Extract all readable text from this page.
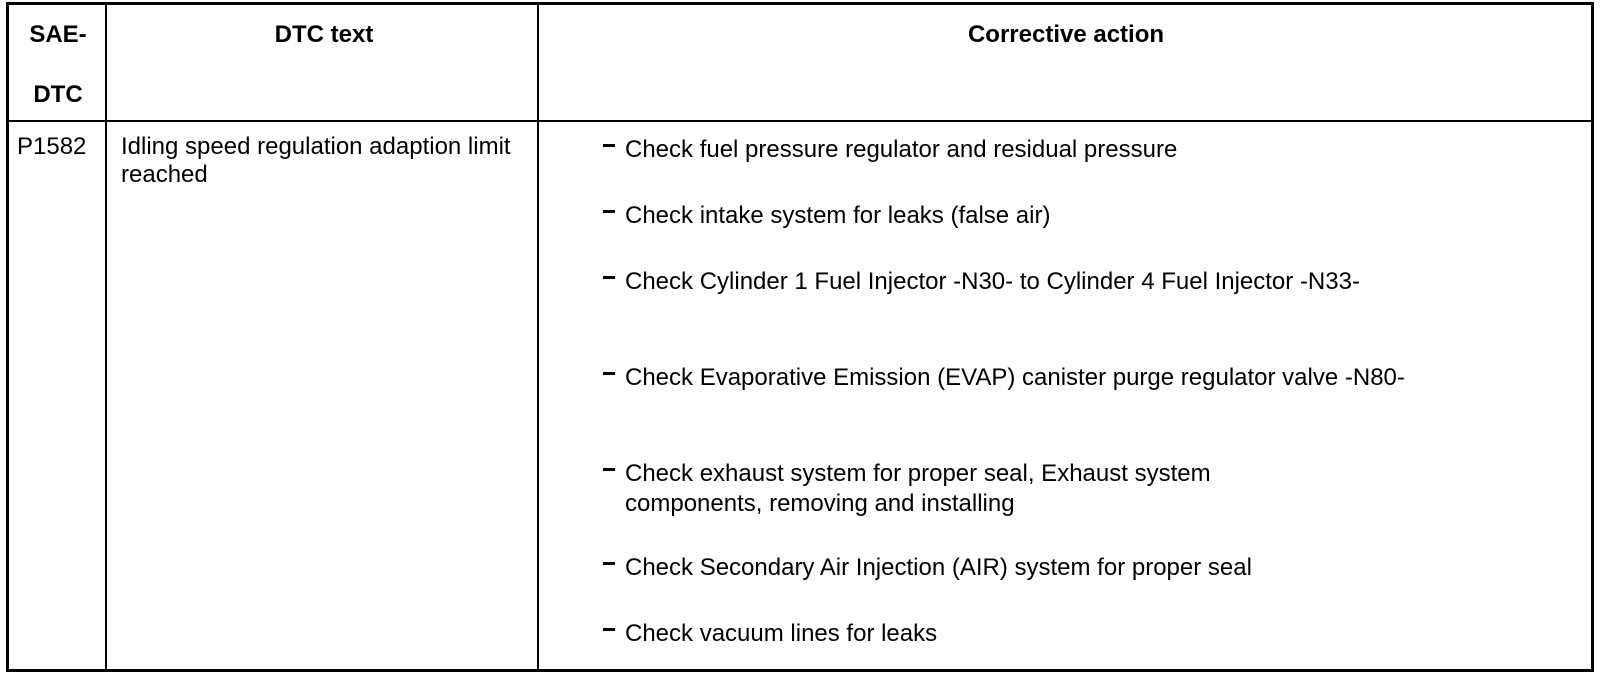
SAE-
DTC
DTC text	Corrective action
P1582	Idling speed regulation adaption limit reached
Check fuel pressure regulator and residual pressure
Check intake system for leaks (false air)
Check Cylinder 1 Fuel Injector -N30- to Cylinder 4 Fuel Injector -N33-
Check Evaporative Emission (EVAP) canister purge regulator valve -N80-
Check exhaust system for proper seal, Exhaust system components, removing and installing
Check Secondary Air Injection (AIR) system for proper seal
Check vacuum lines for leaks
